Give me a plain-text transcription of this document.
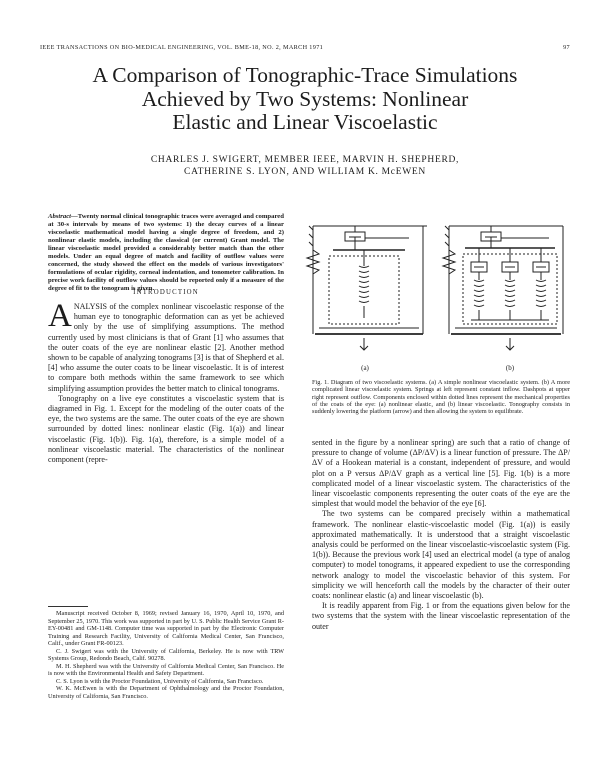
IEEE TRANSACTIONS ON BIO-MEDICAL ENGINEERING, VOL. BME-18, NO. 2, MARCH 1971	97
A Comparison of Tonographic-Trace Simulations
Achieved by Two Systems: Nonlinear
Elastic and Linear Viscoelastic
CHARLES J. SWIGERT, MEMBER IEEE, MARVIN H. SHEPHERD,
CATHERINE S. LYON, AND WILLIAM K. McEWEN
Abstract—Twenty normal clinical tonographic traces were averaged and compared at 30-s intervals by means of two systems: 1) the decay curves of a linear viscoelastic mathematical model having a single degree of freedom, and 2) nonlinear elastic models, including the classical (or current) Grant model. The linear viscoelastic model provided a considerably better match than the other models. Under an equal degree of match and facility of outflow values were concerned, the study showed the effect on the models of various investigators' formulations of ocular rigidity, corneal indentation, and tonometer calibration. In precise work facility of outflow values should be reported only if a measure of the degree of fit to the tonogram is given.
INTRODUCTION

ANALYSIS of the complex nonlinear viscoelastic response of the human eye to tonographic deformation can as yet be achieved only by the use of simplifying assumptions. The method currently used by most clinicians is that of Grant [1] who assumes that the outer coats of the eye are nonlinear elastic [2]. Another method shown to be capable of analyzing tonograms [3] is that of Shepherd et al. [4] who assume the outer coats to be linear viscoelastic. It is of interest to compare both methods within the same framework to see which simplifying assumption provides the better match to clinical tonograms.

Tonography on a live eye constitutes a viscoelastic system that is diagramed in Fig. 1. Except for the modeling of the outer coats of the eye, the two systems are the same. The outer coats of the eye are shown surrounded by dotted lines: nonlinear elastic (Fig. 1(a)) and linear viscoelastic (Fig. 1(b)). Fig. 1(a), therefore, is a simple model of a nonlinear viscoelastic material. The characteristics of the nonlinear component (repre-

Manuscript received October 8, 1969; revised January 16, 1970, April 10, 1970, and September 25, 1970. This work was supported in part by U. S. Public Health Service Grant R-EY-00481 and GM-1148. Computer time was supported in part by the Electronic Computer Training and Research Facility, University of California Medical Center, San Francisco, Calif., under Grant FR-00123.

C. J. Swigert was with the University of California, Berkeley. He is now with TRW Systems Group, Redondo Beach, Calif. 90278.

M. H. Shepherd was with the University of California Medical Center, San Francisco. He is now with the Environmental Health and Safety Department.

C. S. Lyon is with the Proctor Foundation, University of California, San Francisco.

W. K. McEwen is with the Department of Ophthalmology and the Proctor Foundation, University of California, San Francisco.

(a)	(b)
Fig. 1. Diagram of two viscoelastic systems. (a) A simple nonlinear viscoelastic system. (b) A more complicated linear viscoelastic system. Springs at left represent constant inflow. Dashpots at upper right represent outflow. Components enclosed within dotted lines represent the mechanical properties of the coats of the eye: (a) nonlinear elastic, and (b) linear viscoelastic. Tonography consists in suddenly lowering the platform (arrow) and then allowing the system to equilibrate.

sented in the figure by a nonlinear spring) are such that a ratio of change of pressure to change of volume (ΔP/ΔV) is a linear function of pressure. The ΔP/ΔV of a Hookean material is a constant, independent of pressure, and would plot on a P versus ΔP/ΔV graph as a vertical line [5]. Fig. 1(b) is a more complicated model of a linear viscoelastic system. The characteristics of the linear viscoelastic components representing the outer coats of the eye are the simplest that would model the behavior of the eye [6].

The two systems can be compared precisely within a mathematical framework. The nonlinear elastic-viscoelastic model (Fig. 1(a)) is easily approximated mathematically. It is understood that a straight viscoelastic analysis could be performed on the linear viscoelastic-viscoelastic system (Fig. 1(b)). Because the previous work [4] used an electrical model (a type of analog computer) to model tonograms, it appeared expedient to use the corresponding network analogy to model the viscoelastic behavior of this system. For simplicity we will henceforth call the models by the character of their outer coats: nonlinear elastic (a) and linear viscoelastic (b).

It is readily apparent from Fig. 1 or from the equations given below for the two systems that the system with the linear viscoelastic representation of the outer
